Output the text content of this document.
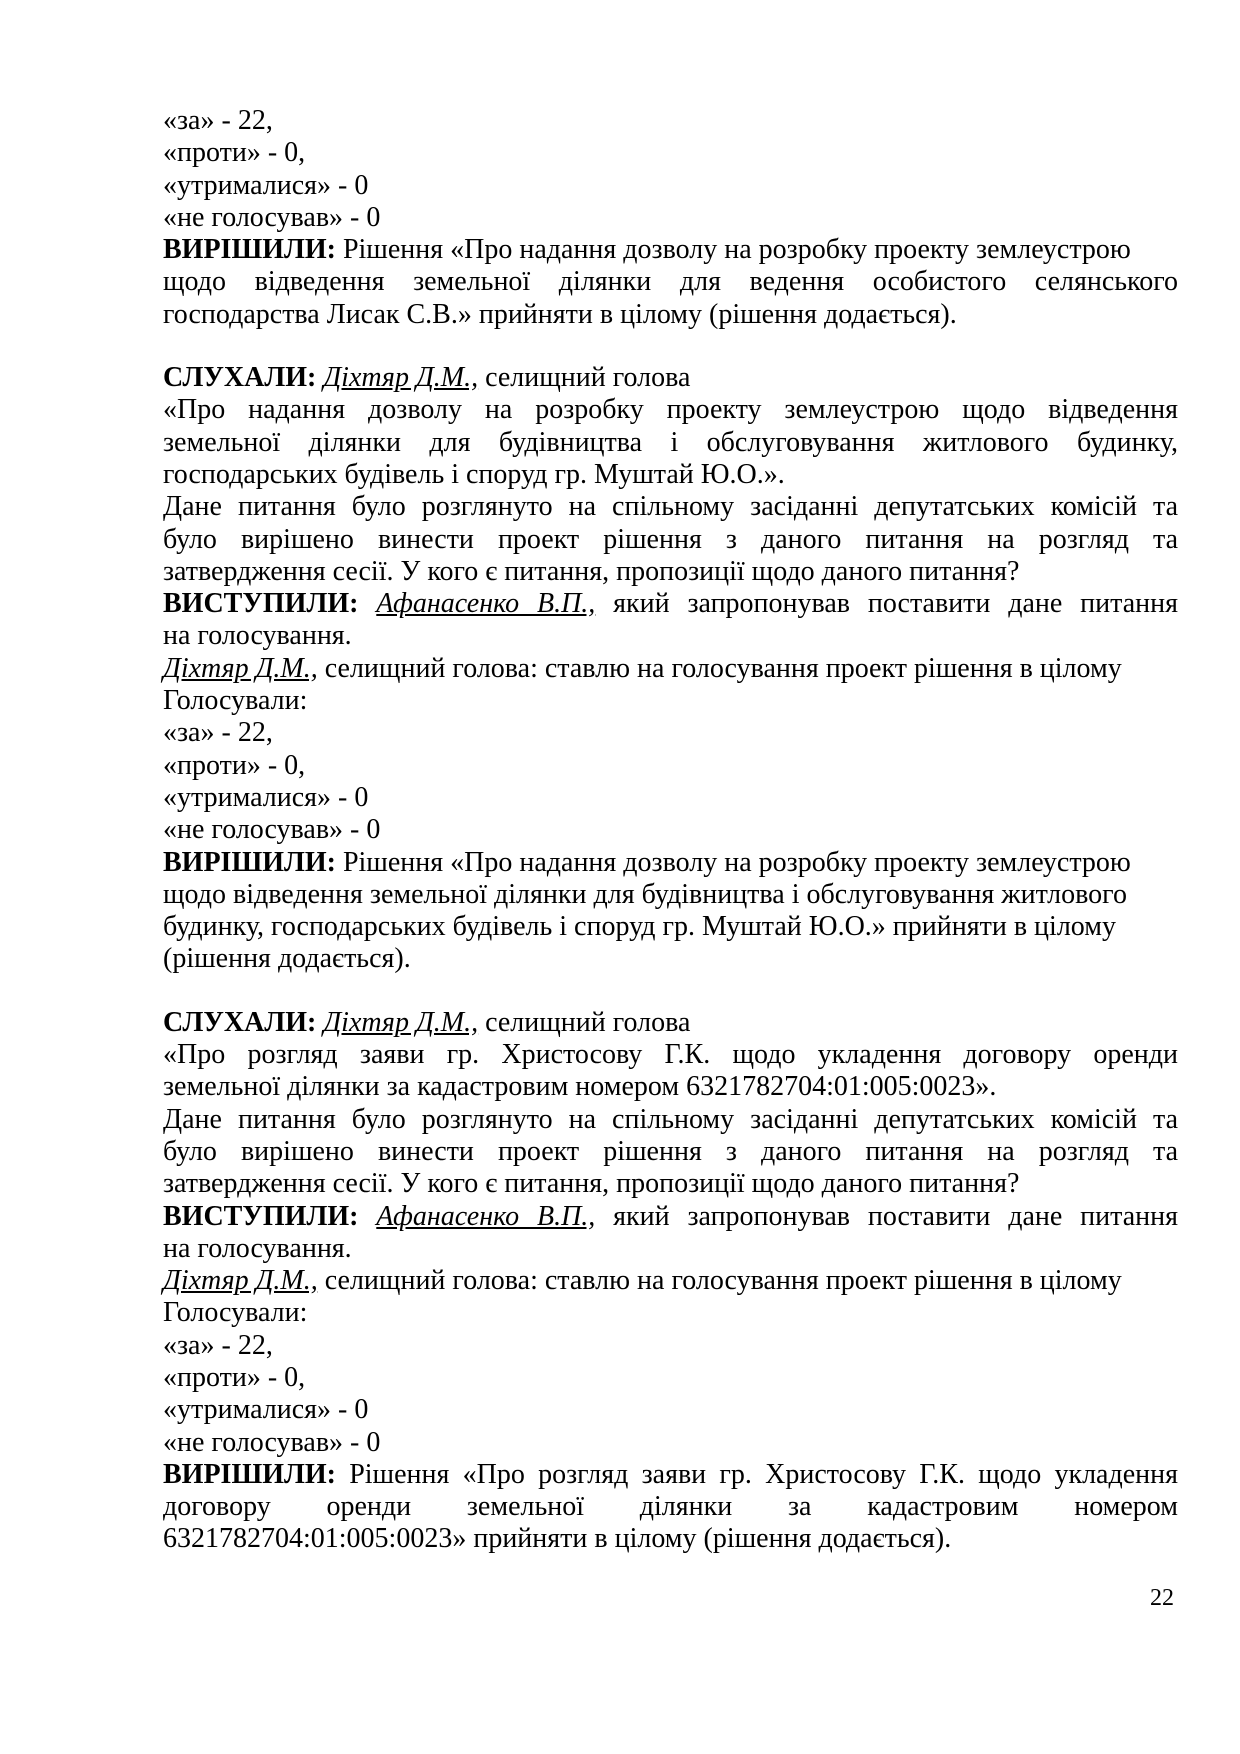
«за» - 22,
«проти» - 0,
«утрималися» - 0
«не голосував» - 0
ВИРІШИЛИ: Рішення «Про надання дозволу на розробку проекту землеустрою
щодо відведення земельної ділянки для ведення особистого селянського
господарства Лисак С.В.» прийняти в цілому (рішення додається).
СЛУХАЛИ: Діхтяр Д.М., селищний голова
«Про надання дозволу на розробку проекту землеустрою щодо відведення
земельної ділянки для будівництва і обслуговування житлового будинку,
господарських будівель і споруд гр. Муштай Ю.О.».
Дане питання було розглянуто на спільному засіданні депутатських комісій та
було вирішено винести проект рішення з даного питання на розгляд та
затвердження сесії. У кого є питання, пропозиції щодо даного питання?
ВИСТУПИЛИ: Афанасенко В.П., який запропонував поставити дане питання
на голосування.
Діхтяр Д.М., селищний голова: ставлю на голосування проект рішення в цілому
Голосували:
«за» - 22,
«проти» - 0,
«утрималися» - 0
«не голосував» - 0
ВИРІШИЛИ: Рішення «Про надання дозволу на розробку проекту землеустрою
щодо відведення земельної ділянки для будівництва і обслуговування житлового
будинку, господарських будівель і споруд гр. Муштай Ю.О.» прийняти в цілому
(рішення додається).
СЛУХАЛИ: Діхтяр Д.М., селищний голова
«Про розгляд заяви гр. Христосову Г.К. щодо укладення договору оренди
земельної ділянки за кадастровим номером 6321782704:01:005:0023».
Дане питання було розглянуто на спільному засіданні депутатських комісій та
було вирішено винести проект рішення з даного питання на розгляд та
затвердження сесії. У кого є питання, пропозиції щодо даного питання?
ВИСТУПИЛИ: Афанасенко В.П., який запропонував поставити дане питання
на голосування.
Діхтяр Д.М., селищний голова: ставлю на голосування проект рішення в цілому
Голосували:
«за» - 22,
«проти» - 0,
«утрималися» - 0
«не голосував» - 0
ВИРІШИЛИ: Рішення «Про розгляд заяви гр. Христосову Г.К. щодо укладення
договору оренди земельної ділянки за кадастровим номером
6321782704:01:005:0023» прийняти в цілому (рішення додається).
22
